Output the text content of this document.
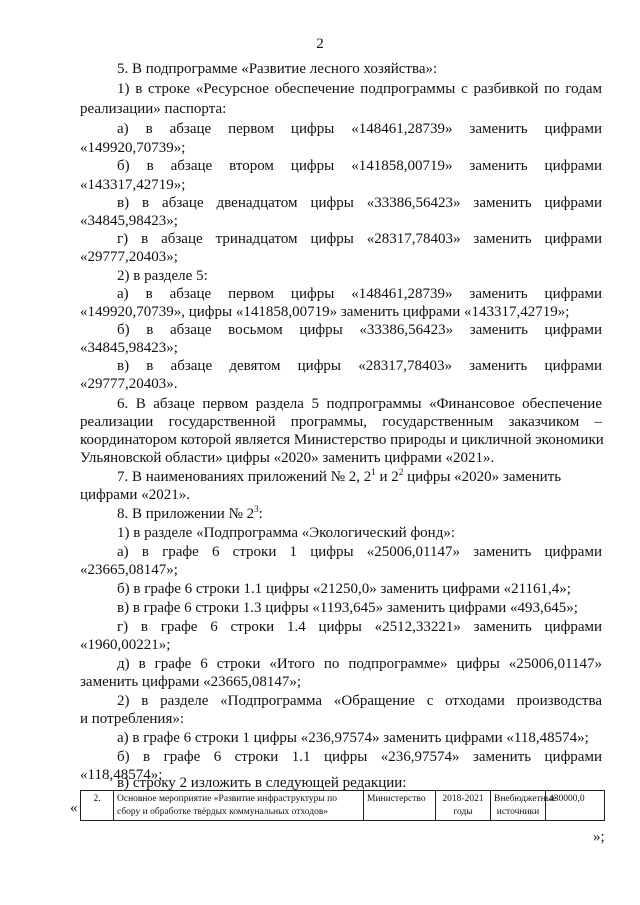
2
5. В подпрограмме «Развитие лесного хозяйства»:
1) в строке «Ресурсное обеспечение подпрограммы с разбивкой по годам
реализации» паспорта:
а) в абзаце первом цифры «148461,28739» заменить цифрами
«149920,70739»;
б) в абзаце втором цифры «141858,00719» заменить цифрами
«143317,42719»;
в) в абзаце двенадцатом цифры «33386,56423» заменить цифрами
«34845,98423»;
г) в абзаце тринадцатом цифры «28317,78403» заменить цифрами
«29777,20403»;
2) в разделе 5:
а) в абзаце первом цифры «148461,28739» заменить цифрами
«149920,70739», цифры «141858,00719» заменить цифрами «143317,42719»;
б) в абзаце восьмом цифры «33386,56423» заменить цифрами
«34845,98423»;
в) в абзаце девятом цифры «28317,78403» заменить цифрами
«29777,20403».
6. В абзаце первом раздела 5 подпрограммы «Финансовое обеспечение
реализации государственной программы, государственным заказчиком –
координатором которой является Министерство природы и цикличной экономики
Ульяновской области» цифры «2020» заменить цифрами «2021».
7. В наименованиях приложений № 2, $2^1$ и $2^2$ цифры «2020» заменить
цифрами «2021».
8. В приложении № $2^3$:
1) в разделе «Подпрограмма «Экологический фонд»:
а) в графе 6 строки 1 цифры «25006,01147» заменить цифрами
«23665,08147»;
б) в графе 6 строки 1.1 цифры «21250,0» заменить цифрами «21161,4»;
в) в графе 6 строки 1.3 цифры «1193,645» заменить цифрами «493,645»;
г) в графе 6 строки 1.4 цифры «2512,33221» заменить цифрами
«1960,00221»;
д) в графе 6 строки «Итого по подпрограмме» цифры «25006,01147»
заменить цифрами «23665,08147»;
2) в разделе «Подпрограмма «Обращение с отходами производства
и потребления»:
а) в графе 6 строки 1 цифры «236,97574» заменить цифрами «118,48574»;
б) в графе 6 строки 1.1 цифры «236,97574» заменить цифрами
«118,48574»;
в) строку 2 изложить в следующей редакции:
«
2.	Основное мероприятие «Развитие инфраструктуры по сбору и обработке твёрдых коммунальных отходов»	Министерство	2018-2021 годы	Внебюджетные источники	430000,0
»;
